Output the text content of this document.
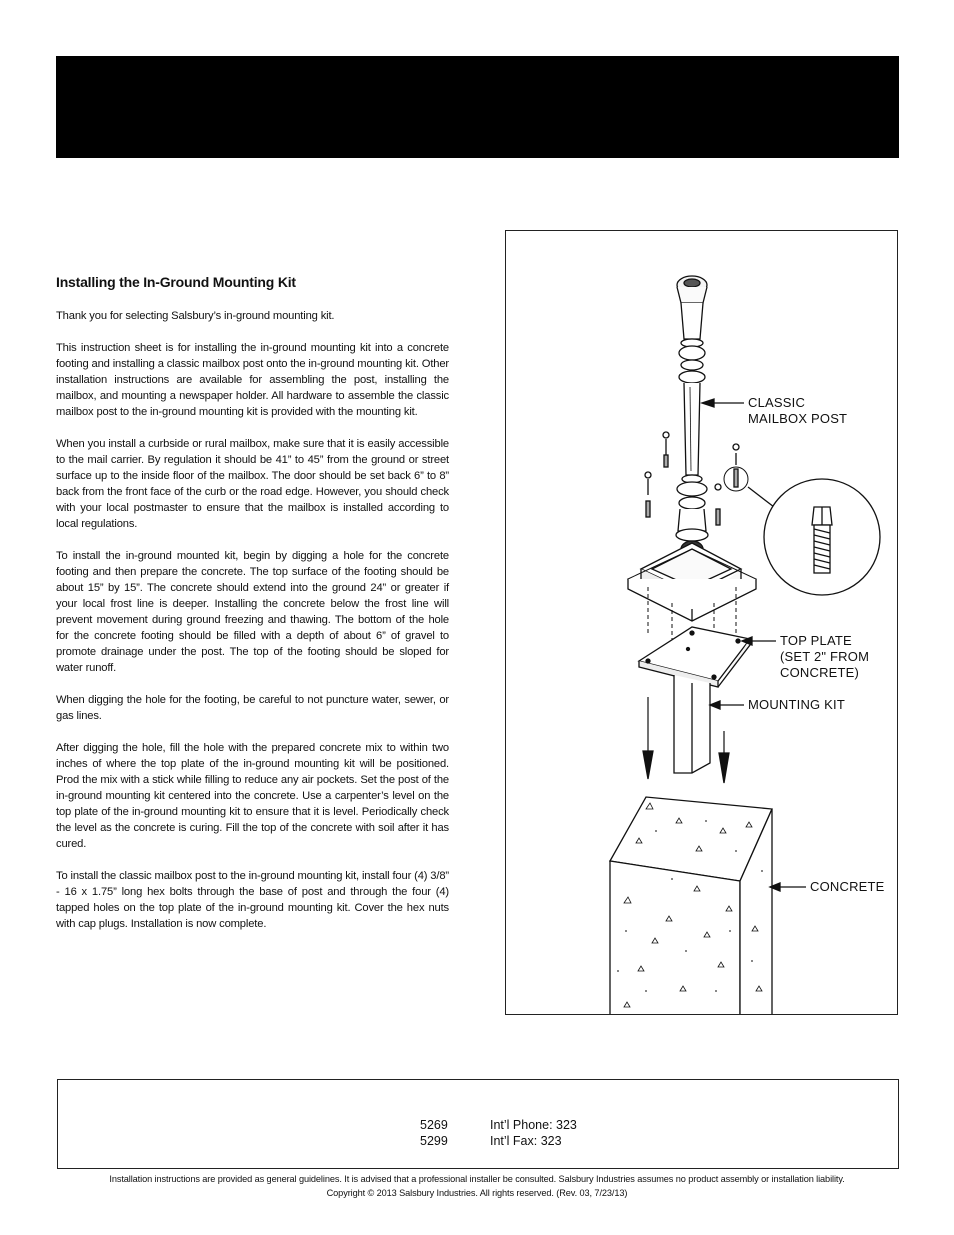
Installing the In-Ground Mounting Kit

Thank you for selecting Salsbury’s in-ground mounting kit.

This instruction sheet is for installing the in-ground mounting kit into a concrete footing and installing a classic mailbox post onto the in-ground mounting kit. Other installation instructions are available for assembling the post, installing the mailbox, and mounting a newspaper holder. All hardware to assemble the classic mailbox post to the in-ground mounting kit is provided with the mounting kit.

When you install a curbside or rural mailbox, make sure that it is easily accessible to the mail carrier. By regulation it should be 41” to 45” from the ground or street surface up to the inside floor of the mailbox. The door should be set back 6” to 8” back from the front face of the curb or the road edge. However, you should check with your local postmaster to ensure that the mailbox is installed according to local regulations.

To install the in-ground mounted kit, begin by digging a hole for the concrete footing and then prepare the concrete. The top surface of the footing should be about 15” by 15”. The concrete should extend into the ground 24” or greater if your local frost line is deeper. Installing the concrete below the frost line will prevent movement during ground freezing and thawing. The bottom of the hole for the concrete footing should be filled with a depth of about 6” of gravel to promote drainage under the post. The top of the footing should be sloped for water runoff.

When digging the hole for the footing, be careful to not puncture water, sewer, or gas lines.

After digging the hole, fill the hole with the prepared concrete mix to within two inches of where the top plate of the in-ground mounting kit will be positioned. Prod the mix with a stick while filling to reduce any air pockets. Set the post of the in-ground mounting kit centered into the concrete. Use a carpenter’s level on the top plate of the in-ground mounting kit to ensure that it is level. Periodically check the level as the concrete is curing. Fill the top of the concrete with soil after it has cured.

To install the classic mailbox post to the in-ground mounting kit, install four (4) 3/8” - 16 x 1.75” long hex bolts through the base of post and through the four (4) tapped holes on the top plate of the in-ground mounting kit. Cover the hex nuts with cap plugs. Installation is now complete.

CLASSIC
MAILBOX POST
TOP PLATE
(SET 2" FROM
CONCRETE)
MOUNTING KIT
CONCRETE
5269	Int’l Phone: 323
5299	Int’l Fax: 323
Installation instructions are provided as general guidelines. It is advised that a professional installer be consulted. Salsbury Industries assumes no product assembly or installation liability.
Copyright © 2013 Salsbury Industries. All rights reserved. (Rev. 03, 7/23/13)
